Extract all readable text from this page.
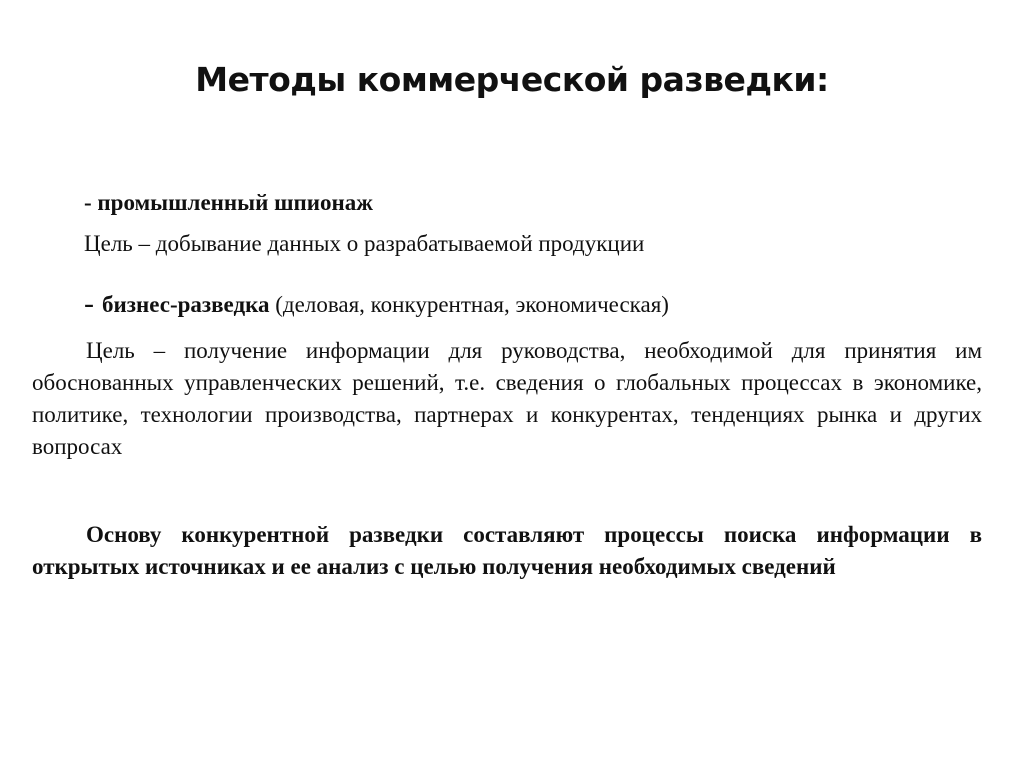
Методы коммерческой разведки:
- промышленный шпионаж
Цель – добывание данных о разрабатываемой продукции
- бизнес-разведка (деловая, конкурентная, экономическая)
Цель – получение информации для руководства, необходимой для принятия им обоснованных управленческих решений, т.е. сведения о глобальных процессах в экономике, политике, технологии производства, партнерах и конкурентах, тенденциях рынка и других вопросах
Основу конкурентной разведки составляют процессы поиска информации в открытых источниках и ее анализ с целью получения необходимых сведений
